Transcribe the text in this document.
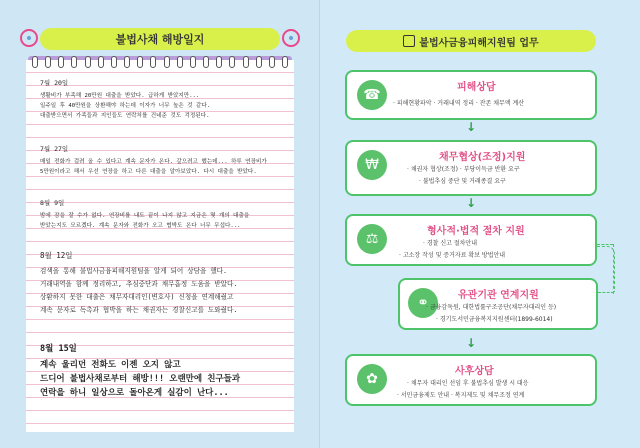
불법사채 해방일지
7월 20일
생활비가 부족해 20만원 대출을 받았다. 급하게 받았지만...
일주일 후 40만원을 상환해야 하는데 이자가 너무 높은 것 같다.
대출받으면서 가족들과 지인들도 연락처를 건네준 것도 걱정된다.
7월 27일
매일 전화가 걸려 올 수 있다고 계속 문자가 온다. 갚으려고 했는데... 하루 연장비가
5만원이라고 해서 우선 연장을 하고 다른 대출을 알아보았다. 다시 대출을 받았다.
8월 9일
밤에 잠을 잘 수가 없다. 연장비를 내도 끝이 나지 않고 지금은 몇 개의 대출을
받았는지도 모르겠다. 계속 문자와 전화가 오고 협박도 온다 너무 무섭다...
8월 12일
검색을 통해 불법사금융피해지원팀을 알게 되어 상담을 했다.
거래내역을 함께 정리하고, 추심중단과 채무흡정 도움을 받았다.
상환하지 못한 대출은 채무자대리인(변호사) 신청을 연계해줬고
계속 문자로 독촉과 협박을 하는 채권자는 경찰신고를 도와줬다.
8월 15일
계속 울리던 전화도 이젠 오지 않고
드디어 불법사채로부터 해방!!! 오랜만에 친구들과
연락을 하니 일상으로 돌아온게 실감이 난다...
불법사금융피해지원팀 업무
☎	피해상담
· 피해현황파악 · 거래내역 정리 · 잔존 채무액 계산
↓
₩	채무협상(조정)지원
· 채권자 협상(조정) · 부당이득금 반환 요구
· 불법추심 중단 및 거래종결 요구
↓
⚖	형사적·법적 절차 지원
· 경찰 신고 절차안내
· 고소장 작성 및 증거자료 확보 방법안내
⚭	유관기관 연계지원
· 금융감독원, 대한법률구조공단(채무자대리인 등)
· 경기도서민금융복지지원센터(1899-6014)
↓
✿	사후상담
· 채무자 대리인 선임 후 불법추심 발생 시 대응
· 서민금융제도 안내 · 복지제도 및 채무조정 연계
